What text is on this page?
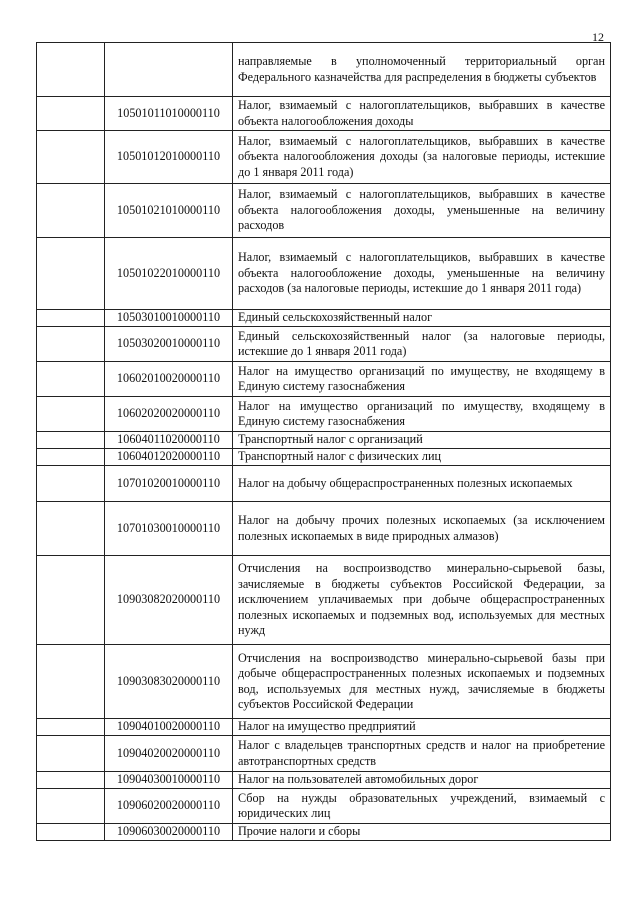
12
		направляемые в уполномоченный территориальный орган Федерального казначейства для распределения в бюджеты субъектов
	10501011010000110	Налог, взимаемый с налогоплательщиков, выбравших в качестве объекта налогообложения доходы
	10501012010000110	Налог, взимаемый с налогоплательщиков, выбравших в качестве объекта налогообложения доходы (за налоговые периоды, истекшие до 1 января 2011 года)
	10501021010000110	Налог, взимаемый с налогоплательщиков, выбравших в качестве объекта налогообложения доходы, уменьшенные на величину расходов
	10501022010000110	Налог, взимаемый с налогоплательщиков, выбравших в качестве объекта налогообложение доходы, уменьшенные на величину расходов (за налоговые периоды, истекшие до 1 января 2011 года)
	10503010010000110	Единый сельскохозяйственный налог
	10503020010000110	Единый сельскохозяйственный налог (за налоговые периоды, истекшие до 1 января 2011 года)
	10602010020000110	Налог на имущество организаций по имуществу, не входящему в Единую систему газоснабжения
	10602020020000110	Налог на имущество организаций по имуществу, входящему в Единую систему газоснабжения
	10604011020000110	Транспортный налог с организаций
	10604012020000110	Транспортный налог с физических лиц
	10701020010000110	Налог на добычу общераспространенных полезных ископаемых
	10701030010000110	Налог на добычу прочих полезных ископаемых (за исключением полезных ископаемых в виде природных алмазов)
	10903082020000110	Отчисления на воспроизводство минерально-сырьевой базы, зачисляемые в бюджеты субъектов Российской Федерации, за исключением уплачиваемых при добыче общераспространенных полезных ископаемых и подземных вод, используемых для местных нужд
	10903083020000110	Отчисления на воспроизводство минерально-сырьевой базы при добыче общераспространенных полезных ископаемых и подземных вод, используемых для местных нужд, зачисляемые в бюджеты субъектов Российской Федерации
	10904010020000110	Налог на имущество предприятий
	10904020020000110	Налог с владельцев транспортных средств и налог на приобретение автотранспортных средств
	10904030010000110	Налог на пользователей автомобильных дорог
	10906020020000110	Сбор на нужды образовательных учреждений, взимаемый с юридических лиц
	10906030020000110	Прочие налоги и сборы
